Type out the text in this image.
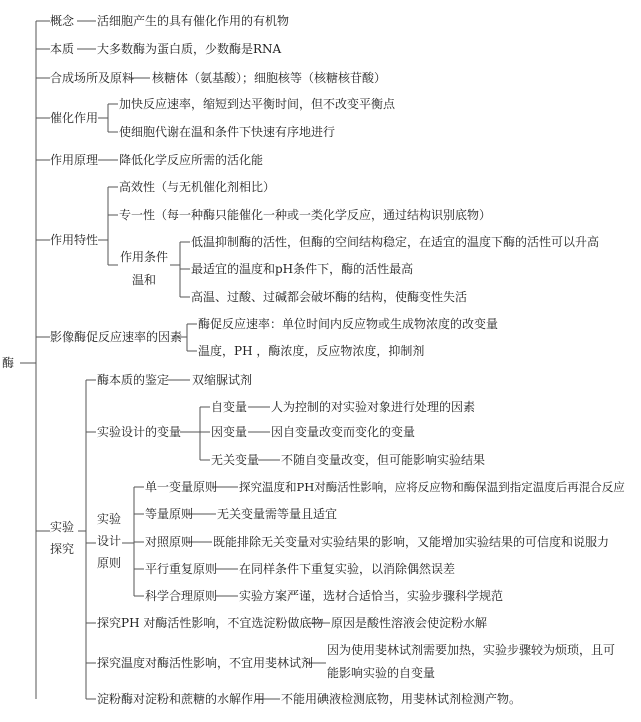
酶
概念 活细胞产生的具有催化作用的有机物
本质 大多数酶为蛋白质，少数酶是RNA
合成场所及原料 核糖体（氨基酸）；细胞核等（核糖核苷酸）
催化作用
加快反应速率，缩短到达平衡时间，但不改变平衡点
使细胞代谢在温和条件下快速有序地进行
作用原理 降低化学反应所需的活化能
作用特性
高效性（与无机催化剂相比）
专一性（每一种酶只能催化一种或一类化学反应，通过结构识别底物）
作用条件
温和
低温抑制酶的活性，但酶的空间结构稳定，在适宜的温度下酶的活性可以升高
最适宜的温度和pH条件下，酶的活性最高
高温、过酸、过碱都会破坏酶的结构，使酶变性失活
影像酶促反应速率的因素
酶促反应速率：单位时间内反应物或生成物浓度的改变量
温度，PH ，酶浓度，反应物浓度，抑制剂
实验
探究
酶本质的鉴定 双缩脲试剂
实验设计的变量
自变量 人为控制的对实验对象进行处理的因素
因变量 因自变量改变而变化的变量
无关变量 不随自变量改变，但可能影响实验结果
实验
设计
原则
单一变量原则 探究温度和PH对酶活性影响，应将反应物和酶保温到指定温度后再混合反应
等量原则 无关变量需等量且适宜
对照原则 既能排除无关变量对实验结果的影响，又能增加实验结果的可信度和说服力
平行重复原则 在同样条件下重复实验，以消除偶然误差
科学合理原则 实验方案严谨，选材合适恰当，实验步骤科学规范
探究PH 对酶活性影响，不宜选淀粉做底物 原因是酸性溶液会使淀粉水解
探究温度对酶活性影响，不宜用斐林试剂
因为使用斐林试剂需要加热，实验步骤较为烦琐，且可
能影响实验的自变量
淀粉酶对淀粉和蔗糖的水解作用 不能用碘液检测底物，用斐林试剂检测产物。
